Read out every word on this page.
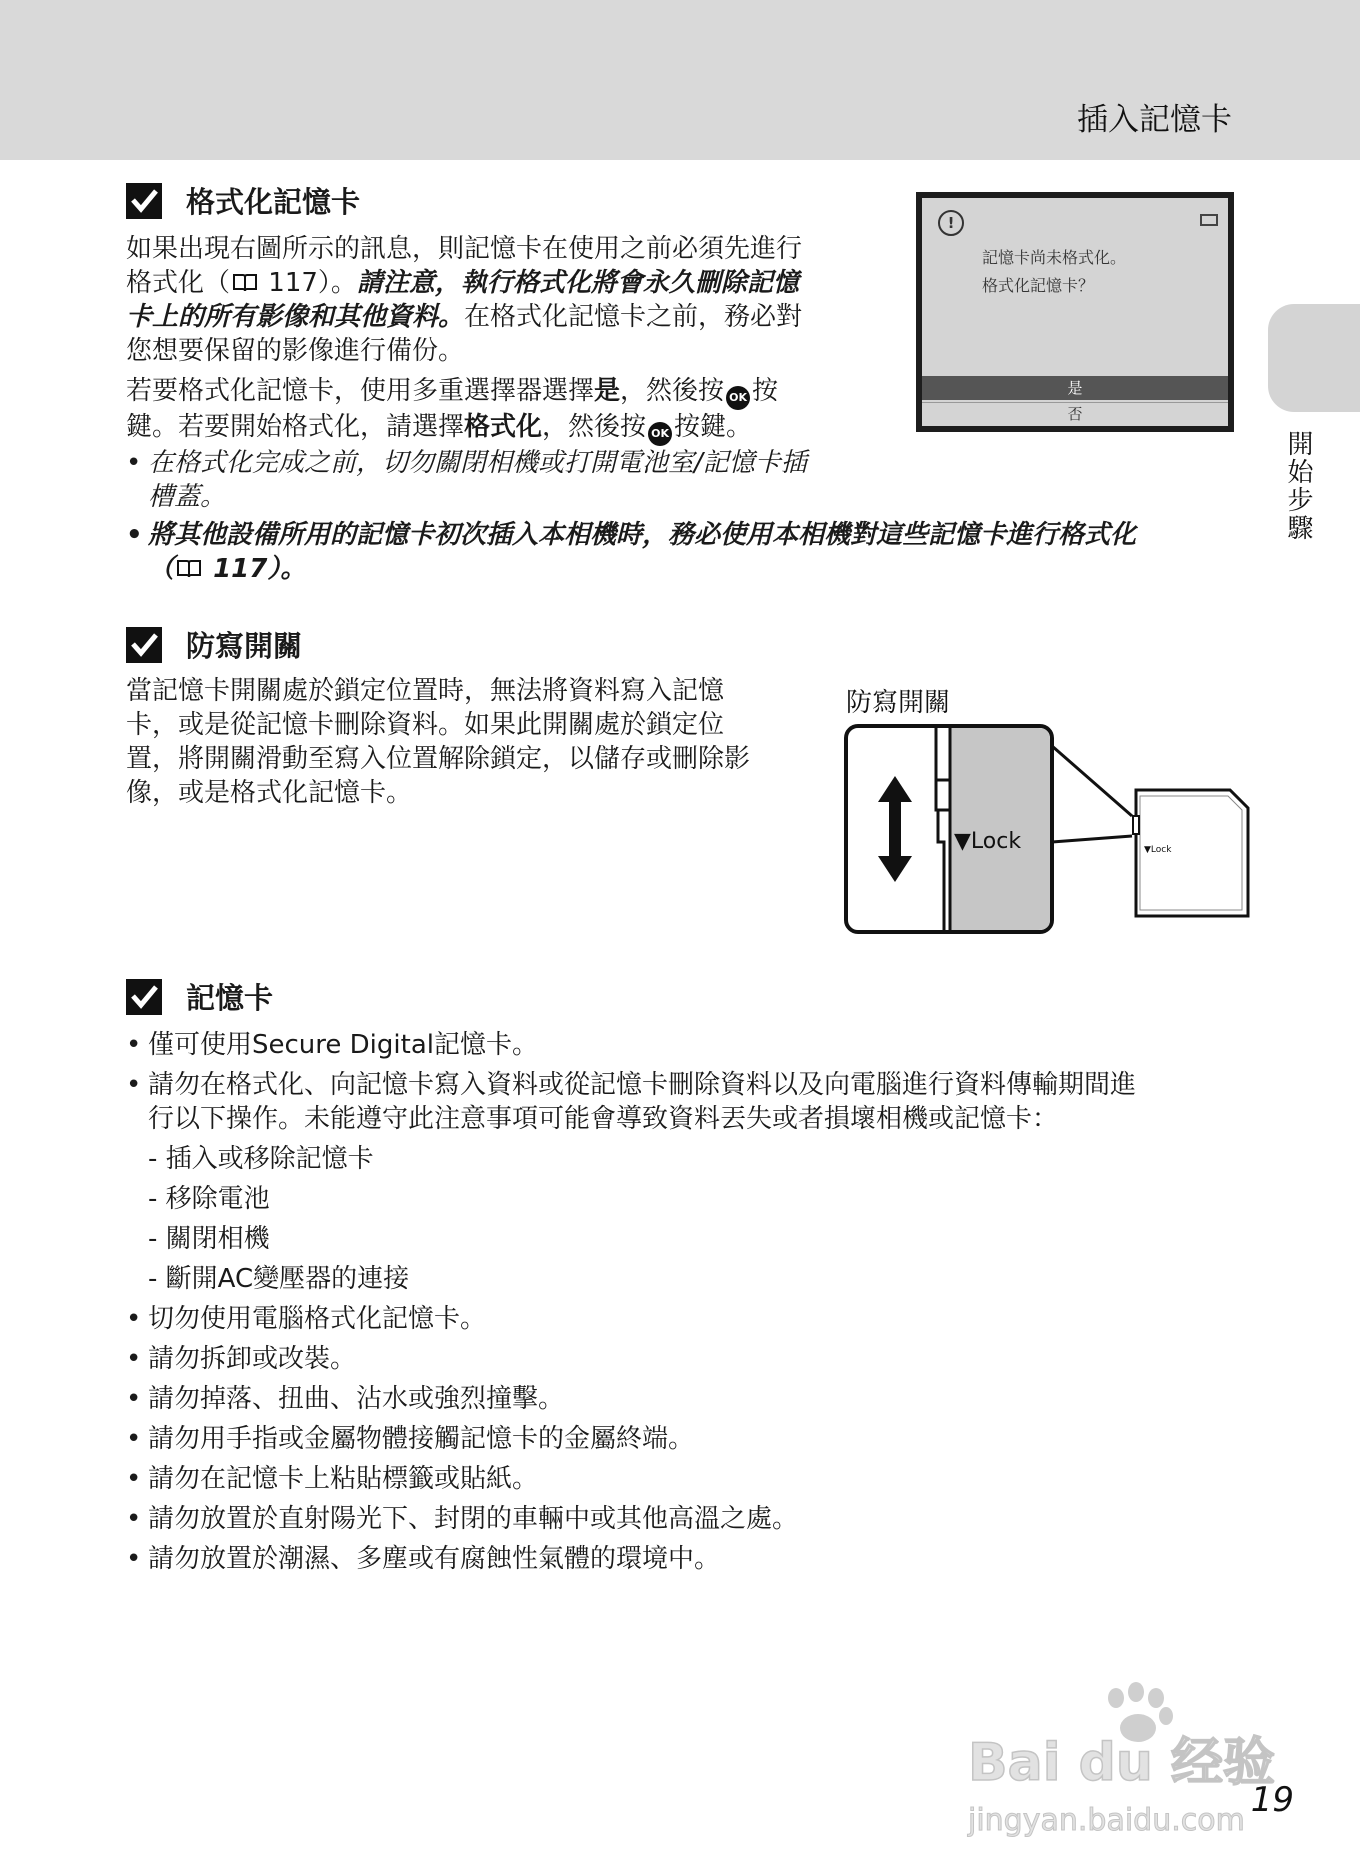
插入記憶卡
開始步驟
格式化記憶卡
如果出現右圖所示的訊息，則記憶卡在使用之前必須先進行
格式化（ 117）。請注意，執行格式化將會永久刪除記憶
卡上的所有影像和其他資料。在格式化記憶卡之前，務必對
您想要保留的影像進行備份。
若要格式化記憶卡，使用多重選擇器選擇是，然後按 OK 按
鍵。若要開始格式化，請選擇格式化，然後按 OK 按鍵。
• 在格式化完成之前，切勿關閉相機或打開電池室/記憶卡插
槽蓋。
• 將其他設備所用的記憶卡初次插入本相機時，務必使用本相機對這些記憶卡進行格式化
（ 117）。
!
記憶卡尚未格式化。
格式化記憶卡？
是
否
防寫開關
當記憶卡開關處於鎖定位置時，無法將資料寫入記憶
卡，或是從記憶卡刪除資料。如果此開關處於鎖定位
置，將開關滑動至寫入位置解除鎖定，以儲存或刪除影
像，或是格式化記憶卡。
防寫開關
▼Lock	▼Lock
記憶卡
• 僅可使用Secure Digital記憶卡。
• 請勿在格式化、向記憶卡寫入資料或從記憶卡刪除資料以及向電腦進行資料傳輸期間進
行以下操作。未能遵守此注意事項可能會導致資料丟失或者損壞相機或記憶卡：
- 插入或移除記憶卡
- 移除電池
- 關閉相機
- 斷開AC變壓器的連接
• 切勿使用電腦格式化記憶卡。
• 請勿拆卸或改裝。
• 請勿掉落、扭曲、沾水或強烈撞擊。
• 請勿用手指或金屬物體接觸記憶卡的金屬終端。
• 請勿在記憶卡上粘貼標籤或貼紙。
• 請勿放置於直射陽光下、封閉的車輛中或其他高溫之處。
• 請勿放置於潮濕、多塵或有腐蝕性氣體的環境中。
Bai du 经验
jingyan.baidu.com
19
